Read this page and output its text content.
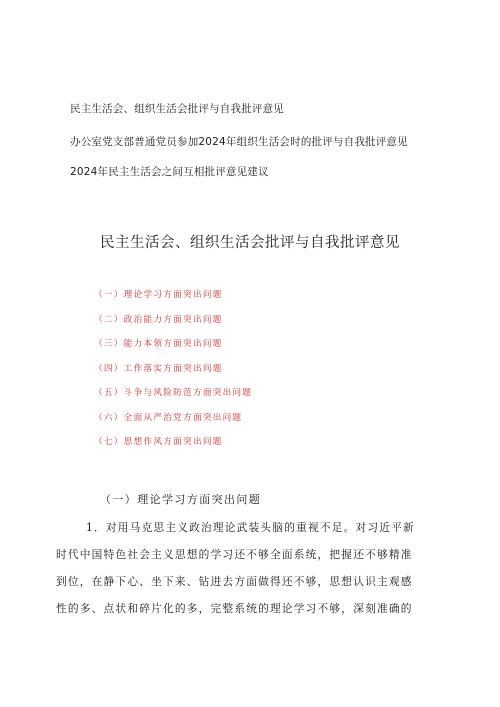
民主生活会、组织生活会批评与自我批评意见
办公室党支部普通党员参加2024年组织生活会时的批评与自我批评意见
2024年民主生活会之间互相批评意见建议
民主生活会、组织生活会批评与自我批评意见
（一）理论学习方面突出问题
（二）政治能力方面突出问题
（三）能力本领方面突出问题
（四）工作落实方面突出问题
（五）斗争与风险防范方面突出问题
（六）全面从严治党方面突出问题
（七）思想作风方面突出问题
（一）理论学习方面突出问题
1．对用马克思主义政治理论武装头脑的重视不足。对习近平新
时代中国特色社会主义思想的学习还不够全面系统，把握还不够精准
到位，在静下心、坐下来、钻进去方面做得还不够，思想认识主观感
性的多、点状和碎片化的多，完整系统的理论学习不够，深刻准确的
